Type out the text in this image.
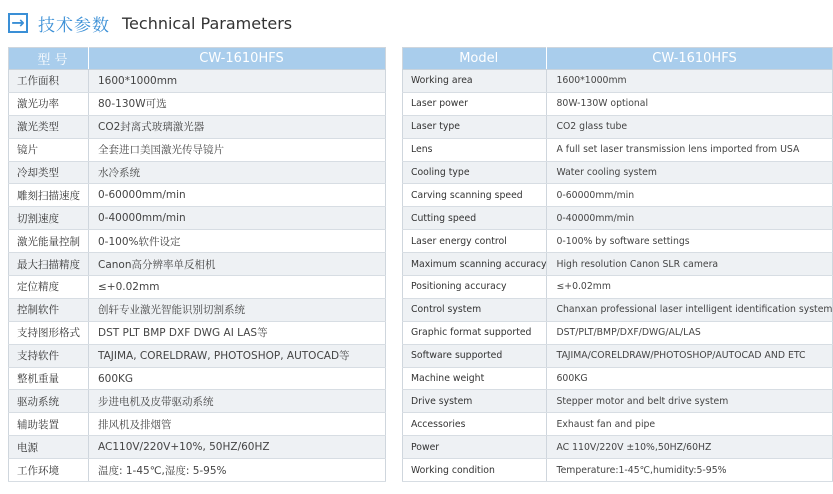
→ 技术参数 Technical Parameters
型 号	CW-1610HFS
工作面积	1600*1000mm
激光功率	80-130W可选
激光类型	CO2封离式玻璃激光器
镜片	全套进口美国激光传导镜片
冷却类型	水冷系统
雕刻扫描速度	0-60000mm/min
切割速度	0-40000mm/min
激光能量控制	0-100%软件设定
最大扫描精度	Canon高分辨率单反相机
定位精度	≤+0.02mm
控制软件	创轩专业激光智能识别切割系统
支持图形格式	DST PLT BMP DXF DWG AI LAS等
支持软件	TAJIMA, CORELDRAW, PHOTOSHOP, AUTOCAD等
整机重量	600KG
驱动系统	步进电机及皮带驱动系统
辅助装置	排风机及排烟管
电源	AC110V/220V+10%, 50HZ/60HZ
工作环境	温度: 1-45℃,湿度: 5-95%
Model	CW-1610HFS
Working area	1600*1000mm
Laser power	80W-130W optional
Laser type	CO2 glass tube
Lens	A full set laser transmission lens imported from USA
Cooling type	Water cooling system
Carving scanning speed	0-60000mm/min
Cutting speed	0-40000mm/min
Laser energy control	0-100% by software settings
Maximum scanning accuracy	High resolution Canon SLR camera
Positioning accuracy	≤+0.02mm
Control system	Chanxan professional laser intelligent identification system
Graphic format supported	DST/PLT/BMP/DXF/DWG/AL/LAS
Software supported	TAJIMA/CORELDRAW/PHOTOSHOP/AUTOCAD AND ETC
Machine weight	600KG
Drive system	Stepper motor and belt drive system
Accessories	Exhaust fan and pipe
Power	AC 110V/220V ±10%,50HZ/60HZ
Working condition	Temperature:1-45℃,humidity:5-95%
